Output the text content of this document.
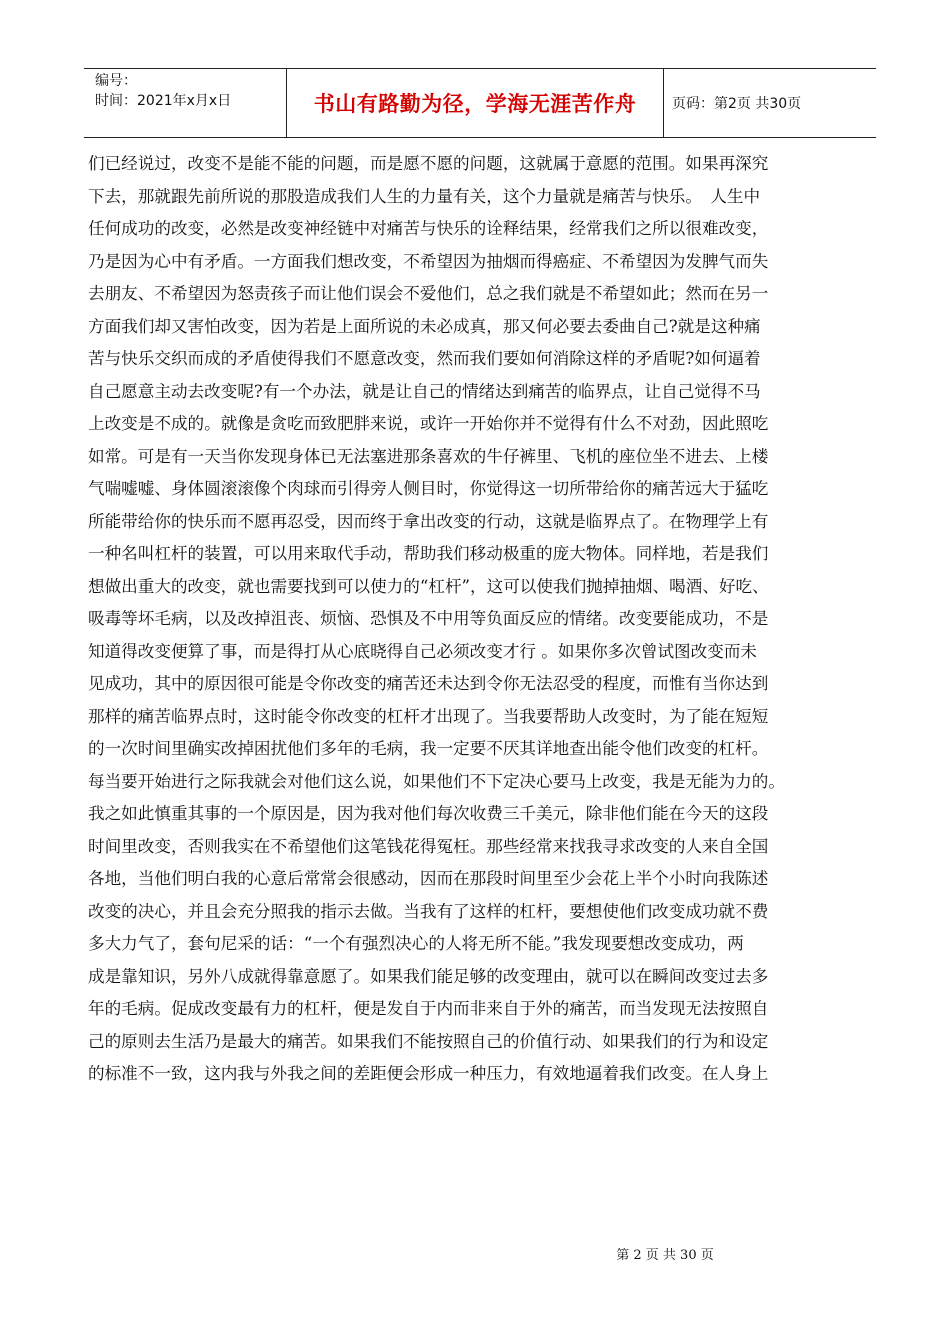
编号：
时间：2021年x月x日	书山有路勤为径，学海无涯苦作舟	页码：第2页 共30页
们已经说过，改变不是能不能的问题，而是愿不愿的问题，这就属于意愿的范围。如果再深究
下去，那就跟先前所说的那股造成我们人生的力量有关，这个力量就是痛苦与快乐。　人生中
任何成功的改变，必然是改变神经链中对痛苦与快乐的诠释结果，经常我们之所以很难改变，
乃是因为心中有矛盾。一方面我们想改变，不希望因为抽烟而得癌症、不希望因为发脾气而失
去朋友、不希望因为怒责孩子而让他们误会不爱他们，总之我们就是不希望如此；然而在另一
方面我们却又害怕改变，因为若是上面所说的未必成真，那又何必要去委曲自己?就是这种痛
苦与快乐交织而成的矛盾使得我们不愿意改变，然而我们要如何消除这样的矛盾呢?如何逼着
自己愿意主动去改变呢?有一个办法，就是让自己的情绪达到痛苦的临界点，让自己觉得不马
上改变是不成的。就像是贪吃而致肥胖来说，或许一开始你并不觉得有什么不对劲，因此照吃
如常。可是有一天当你发现身体已无法塞进那条喜欢的牛仔裤里、飞机的座位坐不进去、上楼
气喘嘘嘘、身体圆滚滚像个肉球而引得旁人侧目时，你觉得这一切所带给你的痛苦远大于猛吃
所能带给你的快乐而不愿再忍受，因而终于拿出改变的行动，这就是临界点了。在物理学上有
一种名叫杠杆的装置，可以用来取代手动，帮助我们移动极重的庞大物体。同样地，若是我们
想做出重大的改变，就也需要找到可以使力的“杠杆”，这可以使我们抛掉抽烟、喝酒、好吃、
吸毒等坏毛病，以及改掉沮丧、烦恼、恐惧及不中用等负面反应的情绪。改变要能成功，不是
知道得改变便算了事，而是得打从心底晓得自己必须改变才行 。如果你多次曾试图改变而未
见成功，其中的原因很可能是令你改变的痛苦还未达到令你无法忍受的程度，而惟有当你达到
那样的痛苦临界点时，这时能令你改变的杠杆才出现了。当我要帮助人改变时，为了能在短短
的一次时间里确实改掉困扰他们多年的毛病，我一定要不厌其详地查出能令他们改变的杠杆。
每当要开始进行之际我就会对他们这么说，如果他们不下定决心要马上改变，我是无能为力的。
我之如此慎重其事的一个原因是，因为我对他们每次收费三千美元，除非他们能在今天的这段
时间里改变，否则我实在不希望他们这笔钱花得冤枉。那些经常来找我寻求改变的人来自全国
各地，当他们明白我的心意后常常会很感动，因而在那段时间里至少会花上半个小时向我陈述
改变的决心，并且会充分照我的指示去做。当我有了这样的杠杆，要想使他们改变成功就不费
多大力气了，套句尼采的话：“一个有强烈决心的人将无所不能。”我发现要想改变成功，两
成是靠知识，另外八成就得靠意愿了。如果我们能足够的改变理由，就可以在瞬间改变过去多
年的毛病。促成改变最有力的杠杆，便是发自于内而非来自于外的痛苦，而当发现无法按照自
己的原则去生活乃是最大的痛苦。如果我们不能按照自己的价值行动、如果我们的行为和设定
的标准不一致，这内我与外我之间的差距便会形成一种压力，有效地逼着我们改变。在人身上
第 2 页 共 30 页
